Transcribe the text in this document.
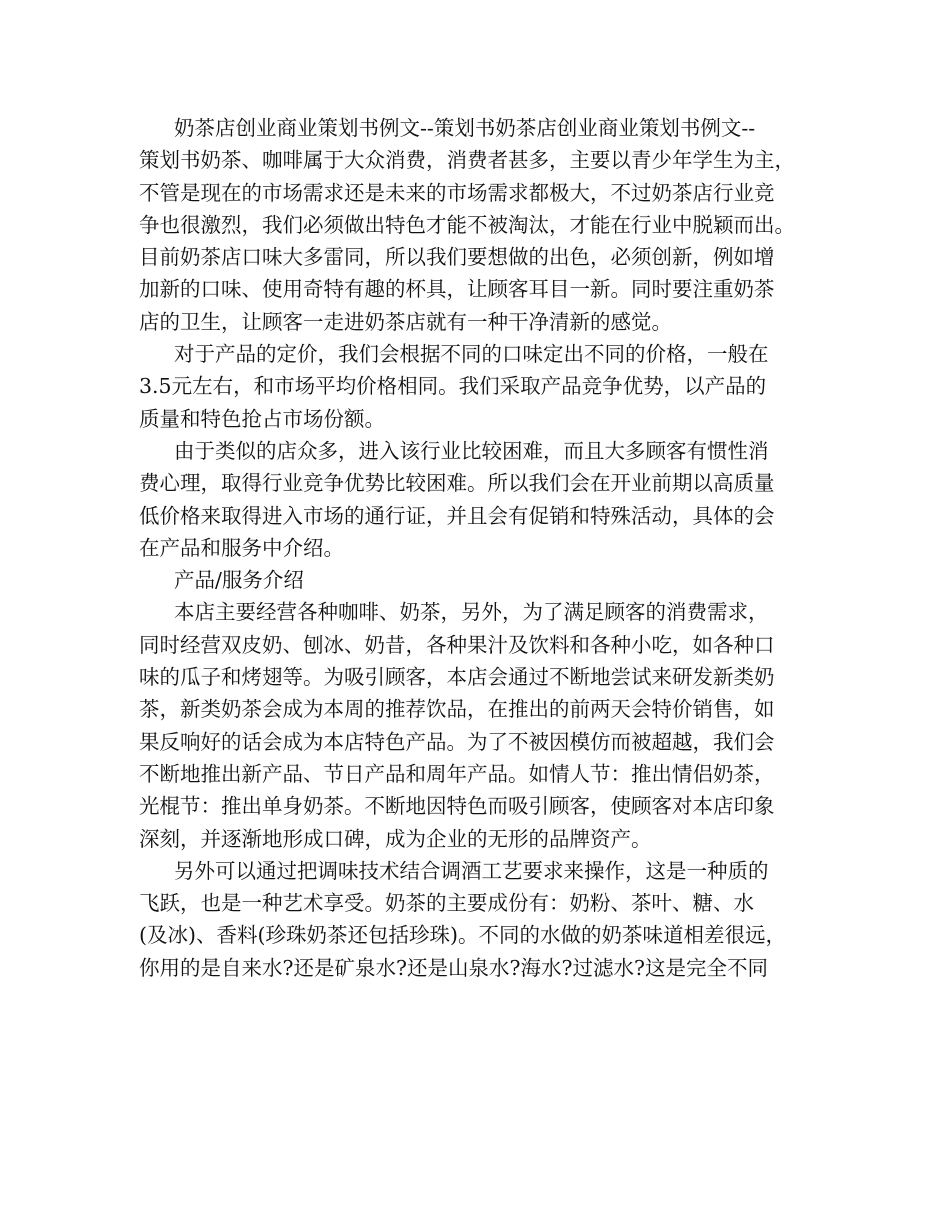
奶茶店创业商业策划书例文--策划书奶茶店创业商业策划书例文--
策划书奶茶、咖啡属于大众消费，消费者甚多，主要以青少年学生为主，
不管是现在的市场需求还是未来的市场需求都极大，不过奶茶店行业竞
争也很激烈，我们必须做出特色才能不被淘汰，才能在行业中脱颖而出。
目前奶茶店口味大多雷同，所以我们要想做的出色，必须创新，例如增
加新的口味、使用奇特有趣的杯具，让顾客耳目一新。同时要注重奶茶
店的卫生，让顾客一走进奶茶店就有一种干净清新的感觉。
对于产品的定价，我们会根据不同的口味定出不同的价格，一般在
3.5元左右，和市场平均价格相同。我们采取产品竞争优势，以产品的
质量和特色抢占市场份额。
由于类似的店众多，进入该行业比较困难，而且大多顾客有惯性消
费心理，取得行业竞争优势比较困难。所以我们会在开业前期以高质量
低价格来取得进入市场的通行证，并且会有促销和特殊活动，具体的会
在产品和服务中介绍。
产品/服务介绍
本店主要经营各种咖啡、奶茶，另外，为了满足顾客的消费需求，
同时经营双皮奶、刨冰、奶昔，各种果汁及饮料和各种小吃，如各种口
味的瓜子和烤翅等。为吸引顾客，本店会通过不断地尝试来研发新类奶
茶，新类奶茶会成为本周的推荐饮品，在推出的前两天会特价销售，如
果反响好的话会成为本店特色产品。为了不被因模仿而被超越，我们会
不断地推出新产品、节日产品和周年产品。如情人节：推出情侣奶茶，
光棍节：推出单身奶茶。不断地因特色而吸引顾客，使顾客对本店印象
深刻，并逐渐地形成口碑，成为企业的无形的品牌资产。
另外可以通过把调味技术结合调酒工艺要求来操作，这是一种质的
飞跃，也是一种艺术享受。奶茶的主要成份有：奶粉、茶叶、糖、水
(及冰)、香料(珍珠奶茶还包括珍珠)。不同的水做的奶茶味道相差很远，
你用的是自来水?还是矿泉水?还是山泉水?海水?过滤水?这是完全不同
